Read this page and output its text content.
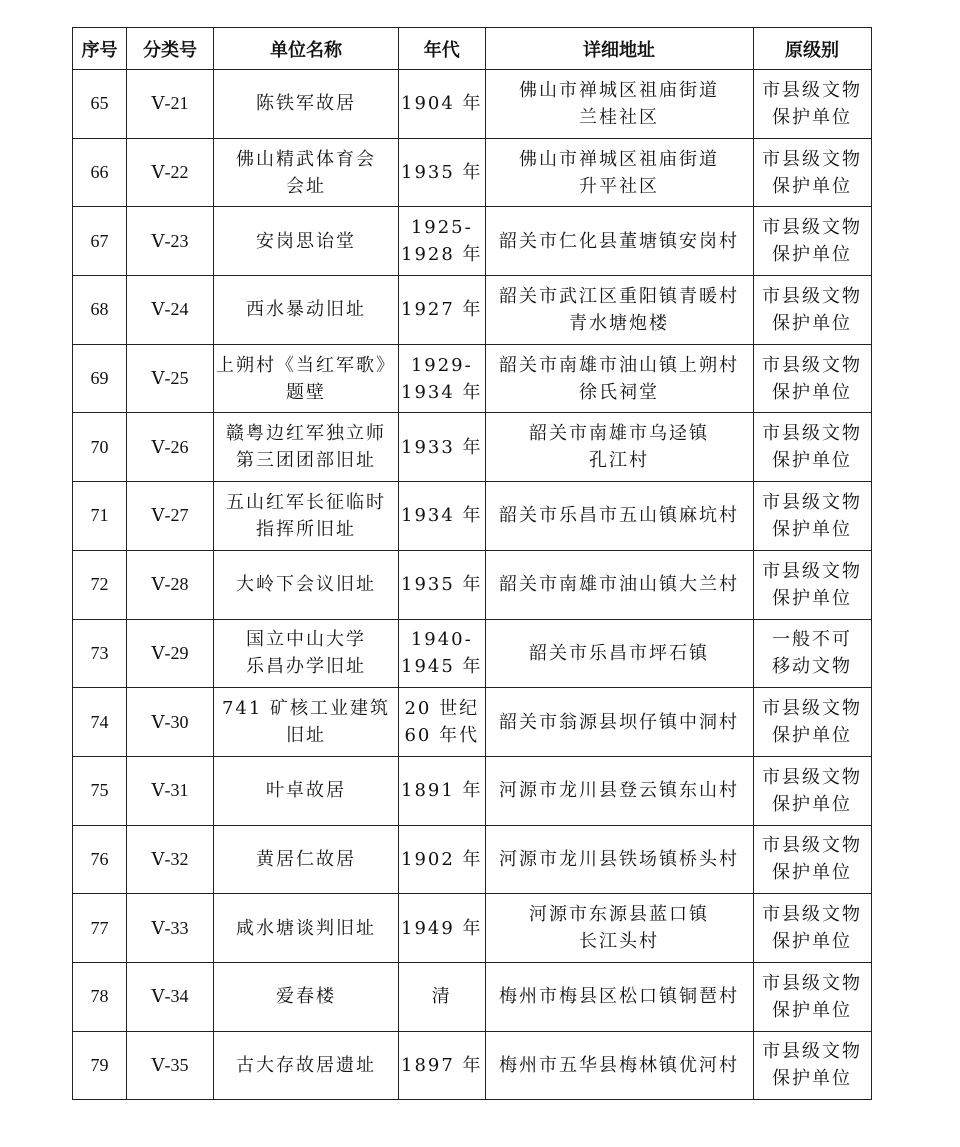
序号	分类号	单位名称	年代	详细地址	原级别
65	Ⅴ-21	陈铁军故居	1904 年	佛山市禅城区祖庙街道
兰桂社区	市县级文物
保护单位

66	Ⅴ-22	佛山精武体育会
会址	1935 年	佛山市禅城区祖庙街道
升平社区	市县级文物
保护单位

67	Ⅴ-23	安岗思诒堂	1925-
1928 年	韶关市仁化县董塘镇安岗村	市县级文物
保护单位

68	Ⅴ-24	西水暴动旧址	1927 年	韶关市武江区重阳镇青暖村
青水塘炮楼	市县级文物
保护单位

69	Ⅴ-25	上朔村《当红军歌》
题壁	1929-
1934 年	韶关市南雄市油山镇上朔村
徐氏祠堂	市县级文物
保护单位

70	Ⅴ-26	赣粤边红军独立师
第三团团部旧址	1933 年	韶关市南雄市乌迳镇
孔江村	市县级文物
保护单位

71	Ⅴ-27	五山红军长征临时
指挥所旧址	1934 年	韶关市乐昌市五山镇麻坑村	市县级文物
保护单位

72	Ⅴ-28	大岭下会议旧址	1935 年	韶关市南雄市油山镇大兰村	市县级文物
保护单位

73	Ⅴ-29	国立中山大学
乐昌办学旧址	1940-
1945 年	韶关市乐昌市坪石镇	一般不可
移动文物

74	Ⅴ-30	741 矿核工业建筑
旧址	20 世纪
60 年代	韶关市翁源县坝仔镇中洞村	市县级文物
保护单位

75	Ⅴ-31	叶卓故居	1891 年	河源市龙川县登云镇东山村	市县级文物
保护单位

76	Ⅴ-32	黄居仁故居	1902 年	河源市龙川县铁场镇桥头村	市县级文物
保护单位

77	Ⅴ-33	咸水塘谈判旧址	1949 年	河源市东源县蓝口镇
长江头村	市县级文物
保护单位

78	Ⅴ-34	爱春楼	清	梅州市梅县区松口镇铜琶村	市县级文物
保护单位

79	Ⅴ-35	古大存故居遗址	1897 年	梅州市五华县梅林镇优河村	市县级文物
保护单位
